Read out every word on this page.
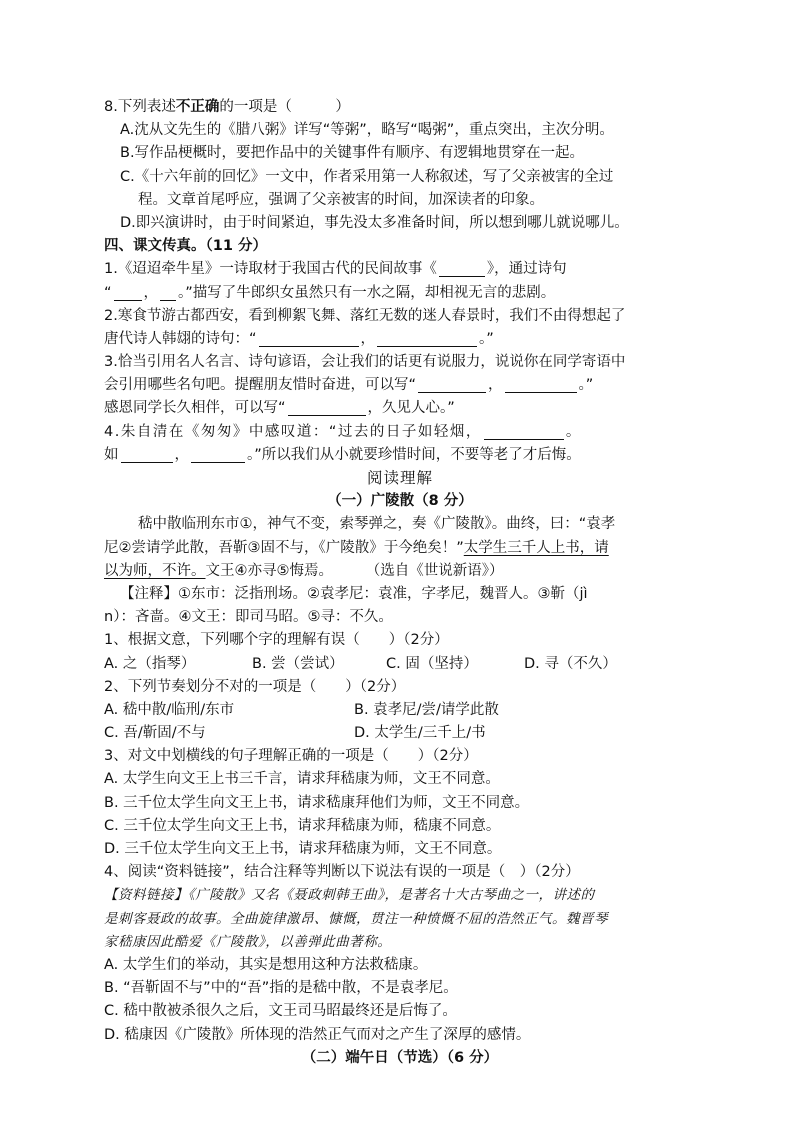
8.下列表述不正确的一项是（　　　）
A.沈从文先生的《腊八粥》详写“等粥”，略写“喝粥”，重点突出，主次分明。
B.写作品梗概时，要把作品中的关键事件有顺序、有逻辑地贯穿在一起。
C.《十六年前的回忆》一文中，作者采用第一人称叙述，写了父亲被害的全过
程。文章首尾呼应，强调了父亲被害的时间，加深读者的印象。
D.即兴演讲时，由于时间紧迫，事先没太多准备时间，所以想到哪儿就说哪儿。
四、课文传真。（11 分）
1.《迢迢牵牛星》一诗取材于我国古代的民间故事《	》，通过诗句
“ ， 。”描写了牛郎织女虽然只有一水之隔，却相视无言的悲剧。
2.寒食节游古都西安，看到柳絮飞舞、落红无数的迷人春景时，我们不由得想起了
唐代诗人韩翃的诗句：“	，	。”
3.恰当引用名人名言、诗句谚语，会让我们的话更有说服力，说说你在同学寄语中
会引用哪些名句吧。提醒朋友惜时奋进，可以写“	，	。”
感恩同学长久相伴，可以写“	，久见人心。”
4.朱自清在《匆匆》中感叹道：“过去的日子如轻烟，	。
如	，	。”所以我们从小就要珍惜时间，不要等老了才后悔。
阅读理解
（一）广陵散（8 分）
嵇中散临刑东市①，神气不变，索琴弹之，奏《广陵散》。曲终，曰：“袁孝
尼②尝请学此散，吾靳③固不与，《广陵散》于今绝矣！”太学生三千人上书，请
以为师，不许。文王④亦寻⑤悔焉。	（选自《世说新语》）
【注释】①东市：泛指刑场。②袁孝尼：袁准，字孝尼，魏晋人。③靳（jì
n）：吝啬。④文王：即司马昭。⑤寻：不久。
1、根据文意，下列哪个字的理解有误（　　）（2分）
A. 之（指琴）	B. 尝（尝试）	C. 固（坚持）	D. 寻（不久）
2、下列节奏划分不对的一项是（　　）（2分）
A. 嵇中散/临刑/东市	B. 袁孝尼/尝/请学此散
C. 吾/靳固/不与	D. 太学生/三千上/书
3、对文中划横线的句子理解正确的一项是（　　）（2分）
A. 太学生向文王上书三千言，请求拜嵇康为师，文王不同意。
B. 三千位太学生向文王上书，请求嵇康拜他们为师，文王不同意。
C. 三千位太学生向文王上书，请求拜嵇康为师，嵇康不同意。
D. 三千位太学生向文王上书，请求拜嵇康为师，文王不同意。
4、阅读“资料链接”，结合注释等判断以下说法有误的一项是（　）（2分）
【资料链接】《广陵散》又名《聂政刺韩王曲》，是著名十大古琴曲之一，讲述的
是刺客聂政的故事。全曲旋律激昂、慷慨，贯注一种愤慨不屈的浩然正气。魏晋琴
家嵇康因此酷爱《广陵散》，以善弹此曲著称。
A. 太学生们的举动，其实是想用这种方法救嵇康。
B. “吾靳固不与”中的“吾”指的是嵇中散，不是袁孝尼。
C. 嵇中散被杀很久之后，文王司马昭最终还是后悔了。
D. 嵇康因《广陵散》所体现的浩然正气而对之产生了深厚的感情。
（二）端午日（节选）（6 分）
